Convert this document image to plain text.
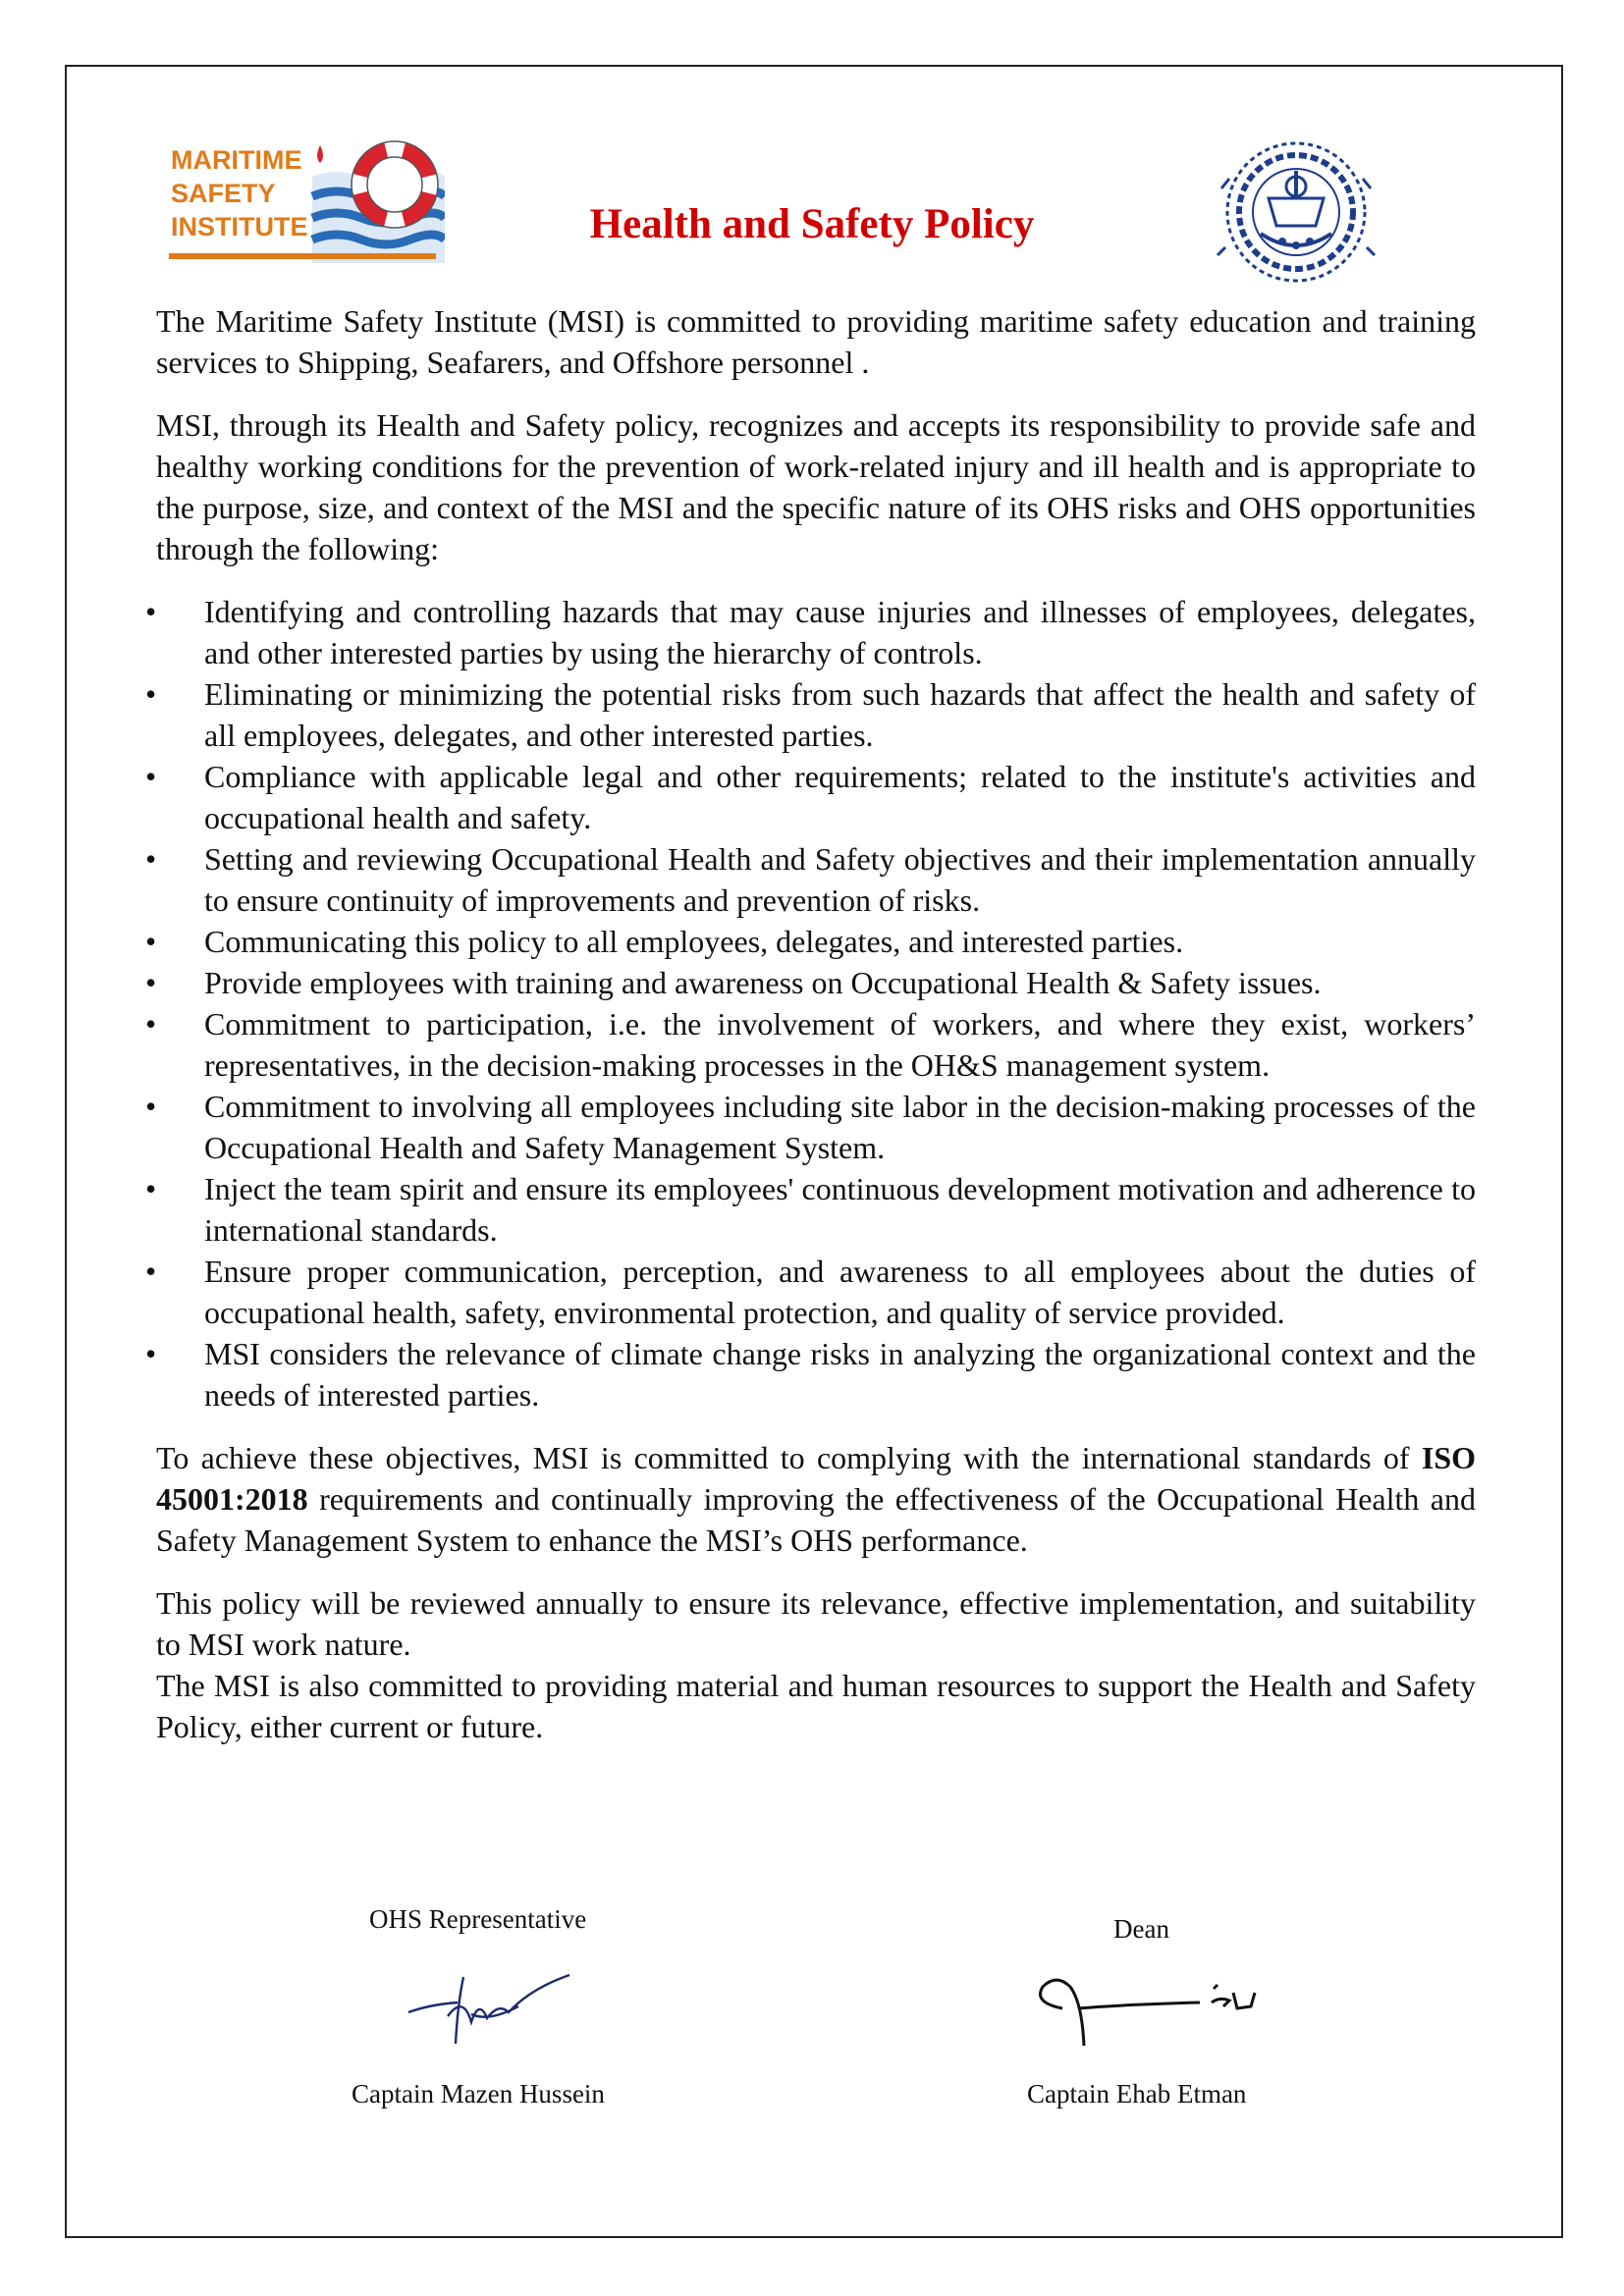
MARITIME
SAFETY
INSTITUTE	Health and Safety Policy

The Maritime Safety Institute (MSI) is committed to providing maritime safety education and training services to Shipping, Seafarers, and Offshore personnel .

MSI, through its Health and Safety policy, recognizes and accepts its responsibility to provide safe and healthy working conditions for the prevention of work-related injury and ill health and is appropriate to the purpose, size, and context of the MSI and the specific nature of its OHS risks and OHS opportunities through the following:

• Identifying and controlling hazards that may cause injuries and illnesses of employees, delegates, and other interested parties by using the hierarchy of controls.
• Eliminating or minimizing the potential risks from such hazards that affect the health and safety of all employees, delegates, and other interested parties.
• Compliance with applicable legal and other requirements; related to the institute's activities and occupational health and safety.
• Setting and reviewing Occupational Health and Safety objectives and their implementation annually to ensure continuity of improvements and prevention of risks.
• Communicating this policy to all employees, delegates, and interested parties.
• Provide employees with training and awareness on Occupational Health & Safety issues.
• Commitment to participation, i.e. the involvement of workers, and where they exist, workers’ representatives, in the decision-making processes in the OH&S management system.
• Commitment to involving all employees including site labor in the decision-making processes of the Occupational Health and Safety Management System.
• Inject the team spirit and ensure its employees' continuous development motivation and adherence to international standards.
• Ensure proper communication, perception, and awareness to all employees about the duties of occupational health, safety, environmental protection, and quality of service provided.
• MSI considers the relevance of climate change risks in analyzing the organizational context and the needs of interested parties.

To achieve these objectives, MSI is committed to complying with the international standards of ISO 45001:2018 requirements and continually improving the effectiveness of the Occupational Health and Safety Management System to enhance the MSI’s OHS performance.

This policy will be reviewed annually to ensure its relevance, effective implementation, and suitability to MSI work nature.

The MSI is also committed to providing material and human resources to support the Health and Safety Policy, either current or future.

OHS Representative
Captain Mazen Hussein
Dean
Captain Ehab Etman
